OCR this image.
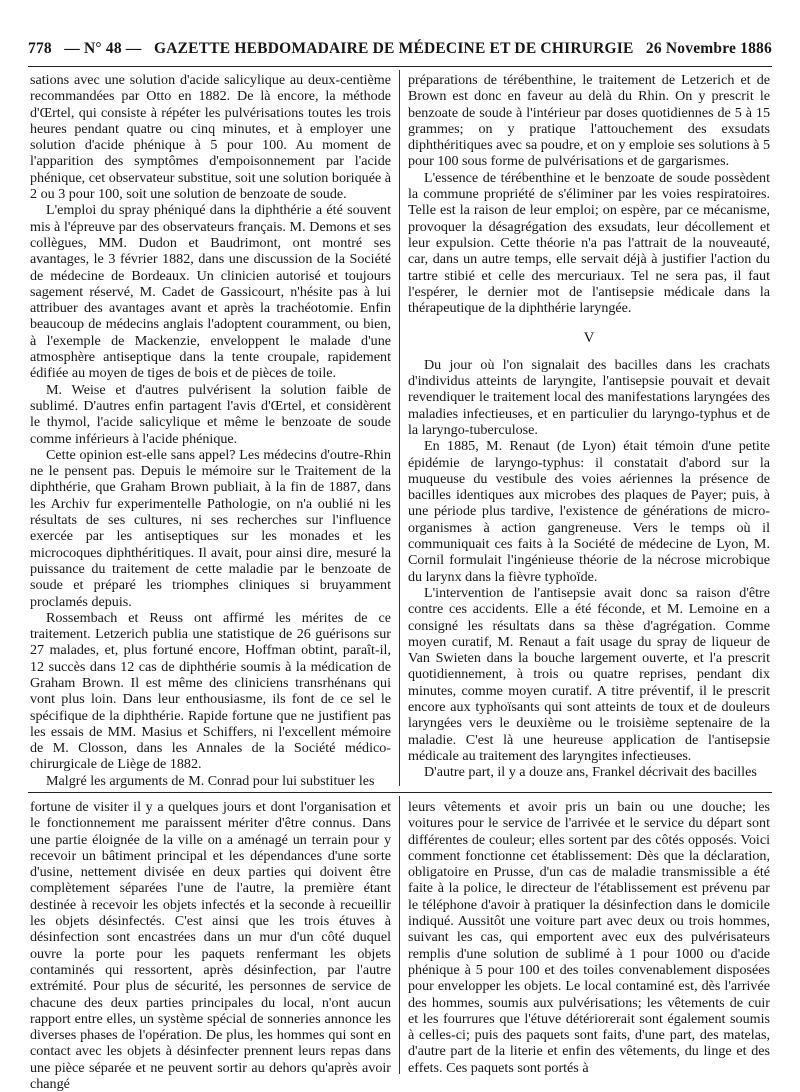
778 — N° 48 — GAZETTE HEBDOMADAIRE DE MÉDECINE ET DE CHIRURGIE 26 Novembre 1886

sations avec une solution d'acide salicylique au deux-centième recommandées par Otto en 1882. De là encore, la méthode d'Œrtel, qui consiste à répéter les pulvérisations toutes les trois heures pendant quatre ou cinq minutes, et à employer une solution d'acide phénique à 5 pour 100. Au moment de l'apparition des symptômes d'empoisonnement par l'acide phénique, cet observateur substitue, soit une solution boriquée à 2 ou 3 pour 100, soit une solution de benzoate de soude.

L'emploi du spray phéniqué dans la diphthérie a été souvent mis à l'épreuve par des observateurs français. M. Demons et ses collègues, MM. Dudon et Baudrimont, ont montré ses avantages, le 3 février 1882, dans une discussion de la Société de médecine de Bordeaux. Un clinicien autorisé et toujours sagement réservé, M. Cadet de Gassicourt, n'hésite pas à lui attribuer des avantages avant et après la trachéotomie. Enfin beaucoup de médecins anglais l'adoptent couramment, ou bien, à l'exemple de Mackenzie, enveloppent le malade d'une atmosphère antiseptique dans la tente croupale, rapidement édifiée au moyen de tiges de bois et de pièces de toile.

M. Weise et d'autres pulvérisent la solution faible de sublimé. D'autres enfin partagent l'avis d'Œrtel, et considèrent le thymol, l'acide salicylique et même le benzoate de soude comme inférieurs à l'acide phénique.

Cette opinion est-elle sans appel? Les médecins d'outre-Rhin ne le pensent pas. Depuis le mémoire sur le Traitement de la diphthérie, que Graham Brown publiait, à la fin de 1887, dans les Archiv fur experimentelle Pathologie, on n'a oublié ni les résultats de ses cultures, ni ses recherches sur l'influence exercée par les antiseptiques sur les monades et les microcoques diphthéritiques. Il avait, pour ainsi dire, mesuré la puissance du traitement de cette maladie par le benzoate de soude et préparé les triomphes cliniques si bruyamment proclamés depuis.

Rossembach et Reuss ont affirmé les mérites de ce traitement. Letzerich publia une statistique de 26 guérisons sur 27 malades, et, plus fortuné encore, Hoffman obtint, paraît-il, 12 succès dans 12 cas de diphthérie soumis à la médication de Graham Brown. Il est même des cliniciens transrhénans qui vont plus loin. Dans leur enthousiasme, ils font de ce sel le spécifique de la diphthérie. Rapide fortune que ne justifient pas les essais de MM. Masius et Schiffers, ni l'excellent mémoire de M. Closson, dans les Annales de la Société médico-chirurgicale de Liège de 1882.

Malgré les arguments de M. Conrad pour lui substituer les

préparations de térébenthine, le traitement de Letzerich et de Brown est donc en faveur au delà du Rhin. On y prescrit le benzoate de soude à l'intérieur par doses quotidiennes de 5 à 15 grammes; on y pratique l'attouchement des exsudats diphthéritiques avec sa poudre, et on y emploie ses solutions à 5 pour 100 sous forme de pulvérisations et de gargarismes.

L'essence de térébenthine et le benzoate de soude possèdent la commune propriété de s'éliminer par les voies respiratoires. Telle est la raison de leur emploi; on espère, par ce mécanisme, provoquer la désagrégation des exsudats, leur décollement et leur expulsion. Cette théorie n'a pas l'attrait de la nouveauté, car, dans un autre temps, elle servait déjà à justifier l'action du tartre stibié et celle des mercuriaux. Tel ne sera pas, il faut l'espérer, le dernier mot de l'antisepsie médicale dans la thérapeutique de la diphthérie laryngée.

V

Du jour où l'on signalait des bacilles dans les crachats d'individus atteints de laryngite, l'antisepsie pouvait et devait revendiquer le traitement local des manifestations laryngées des maladies infectieuses, et en particulier du laryngo-typhus et de la laryngo-tuberculose.

En 1885, M. Renaut (de Lyon) était témoin d'une petite épidémie de laryngo-typhus: il constatait d'abord sur la muqueuse du vestibule des voies aériennes la présence de bacilles identiques aux microbes des plaques de Payer; puis, à une période plus tardive, l'existence de générations de micro-organismes à action gangreneuse. Vers le temps où il communiquait ces faits à la Société de médecine de Lyon, M. Cornil formulait l'ingénieuse théorie de la nécrose microbique du larynx dans la fièvre typhoïde.

L'intervention de l'antisepsie avait donc sa raison d'être contre ces accidents. Elle a été féconde, et M. Lemoine en a consigné les résultats dans sa thèse d'agrégation. Comme moyen curatif, M. Renaut a fait usage du spray de liqueur de Van Swieten dans la bouche largement ouverte, et l'a prescrit quotidiennement, à trois ou quatre reprises, pendant dix minutes, comme moyen curatif. A titre préventif, il le prescrit encore aux typhoïsants qui sont atteints de toux et de douleurs laryngées vers le deuxième ou le troisième septenaire de la maladie. C'est là une heureuse application de l'antisepsie médicale au traitement des laryngites infectieuses.

D'autre part, il y a douze ans, Frankel décrivait des bacilles

fortune de visiter il y a quelques jours et dont l'organisation et le fonctionnement me paraissent mériter d'être connus. Dans une partie éloignée de la ville on a aménagé un terrain pour y recevoir un bâtiment principal et les dépendances d'une sorte d'usine, nettement divisée en deux parties qui doivent être complètement séparées l'une de l'autre, la première étant destinée à recevoir les objets infectés et la seconde à recueillir les objets désinfectés. C'est ainsi que les trois étuves à désinfection sont encastrées dans un mur d'un côté duquel ouvre la porte pour les paquets renfermant les objets contaminés qui ressortent, après désinfection, par l'autre extrémité. Pour plus de sécurité, les personnes de service de chacune des deux parties principales du local, n'ont aucun rapport entre elles, un système spécial de sonneries annonce les diverses phases de l'opération. De plus, les hommes qui sont en contact avec les objets à désinfecter prennent leurs repas dans une pièce séparée et ne peuvent sortir au dehors qu'après avoir changé

leurs vêtements et avoir pris un bain ou une douche; les voitures pour le service de l'arrivée et le service du départ sont différentes de couleur; elles sortent par des côtés opposés. Voici comment fonctionne cet établissement: Dès que la déclaration, obligatoire en Prusse, d'un cas de maladie transmissible a été faite à la police, le directeur de l'établissement est prévenu par le téléphone d'avoir à pratiquer la désinfection dans le domicile indiqué. Aussitôt une voiture part avec deux ou trois hommes, suivant les cas, qui emportent avec eux des pulvérisateurs remplis d'une solution de sublimé à 1 pour 1000 ou d'acide phénique à 5 pour 100 et des toiles convenablement disposées pour envelopper les objets. Le local contaminé est, dès l'arrivée des hommes, soumis aux pulvérisations; les vêtements de cuir et les fourrures que l'étuve détériorerait sont également soumis à celles-ci; puis des paquets sont faits, d'une part, des matelas, d'autre part de la literie et enfin des vêtements, du linge et des effets. Ces paquets sont portés à
